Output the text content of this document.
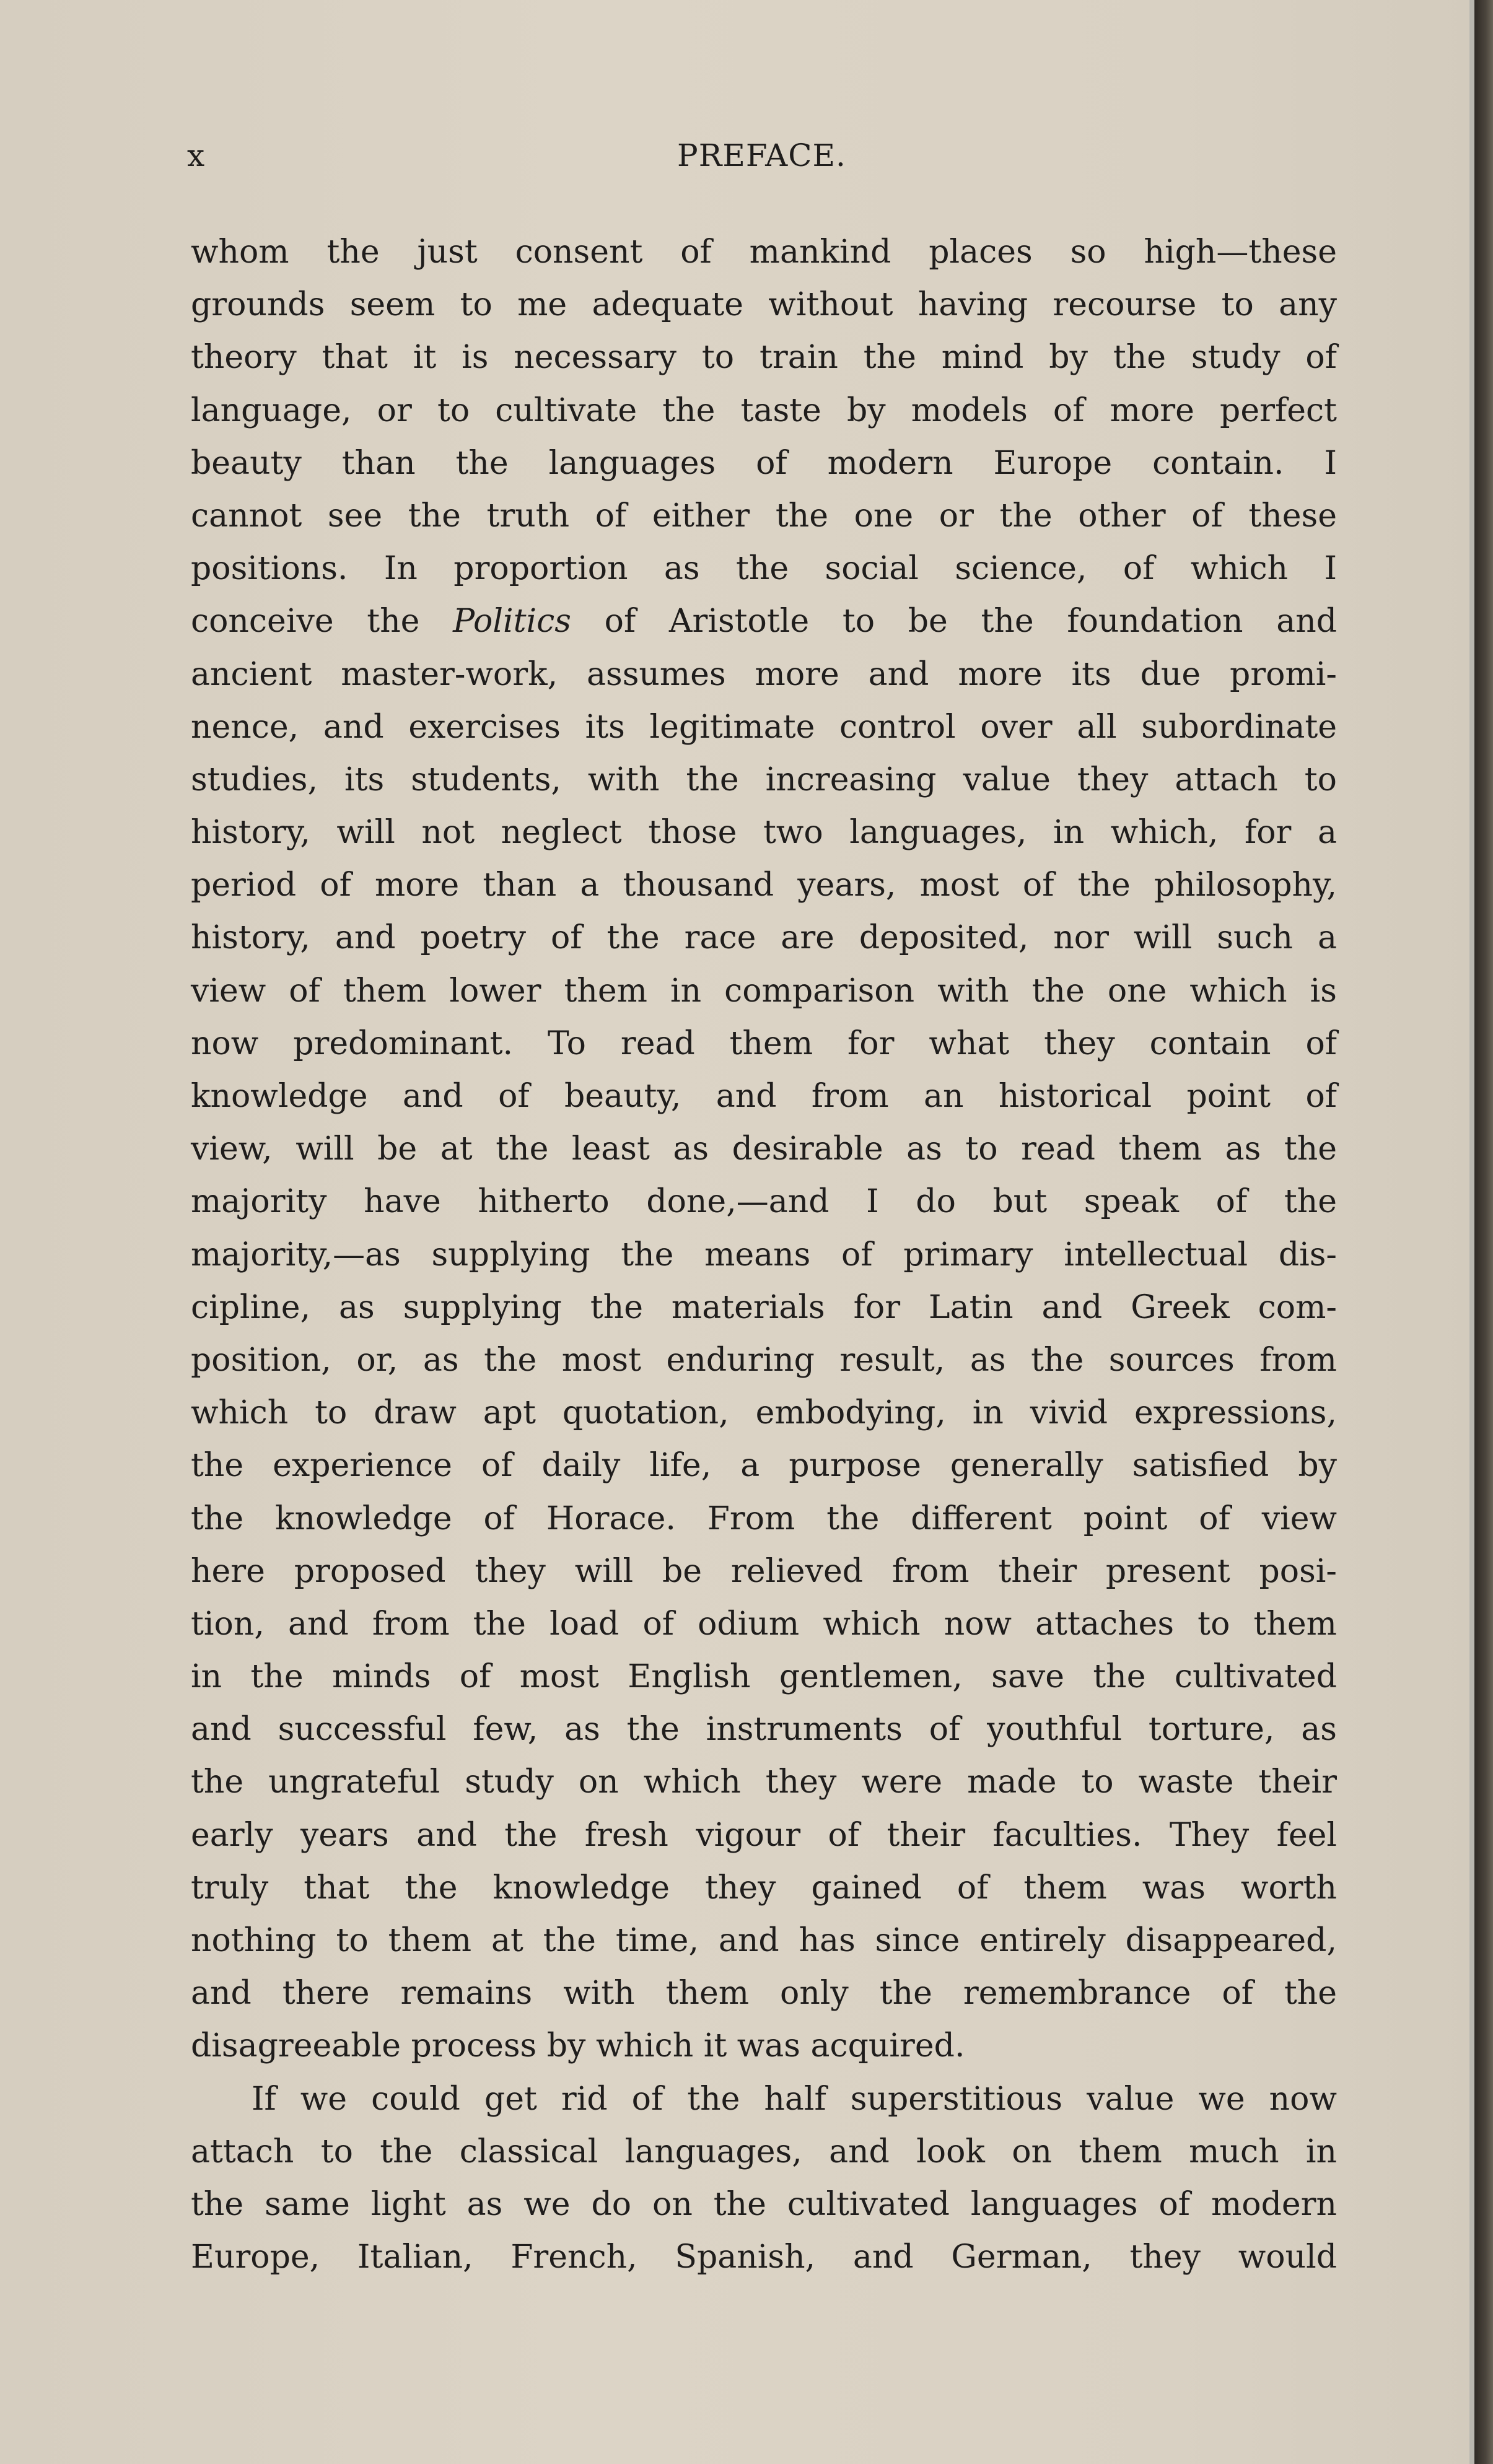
x	PREFACE.
whom the just consent of mankind places so high—these
grounds seem to me adequate without having recourse to any
theory that it is necessary to train the mind by the study of
language, or to cultivate the taste by models of more perfect
beauty than the languages of modern Europe contain. I
cannot see the truth of either the one or the other of these
positions. In proportion as the social science, of which I
conceive the Politics of Aristotle to be the foundation and
ancient master-work, assumes more and more its due promi-
nence, and exercises its legitimate control over all subordinate
studies, its students, with the increasing value they attach to
history, will not neglect those two languages, in which, for a
period of more than a thousand years, most of the philosophy,
history, and poetry of the race are deposited, nor will such a
view of them lower them in comparison with the one which is
now predominant. To read them for what they contain of
knowledge and of beauty, and from an historical point of
view, will be at the least as desirable as to read them as the
majority have hitherto done,—and I do but speak of the
majority,—as supplying the means of primary intellectual dis-
cipline, as supplying the materials for Latin and Greek com-
position, or, as the most enduring result, as the sources from
which to draw apt quotation, embodying, in vivid expressions,
the experience of daily life, a purpose generally satisfied by
the knowledge of Horace. From the different point of view
here proposed they will be relieved from their present posi-
tion, and from the load of odium which now attaches to them
in the minds of most English gentlemen, save the cultivated
and successful few, as the instruments of youthful torture, as
the ungrateful study on which they were made to waste their
early years and the fresh vigour of their faculties. They feel
truly that the knowledge they gained of them was worth
nothing to them at the time, and has since entirely disappeared,
and there remains with them only the remembrance of the
disagreeable process by which it was acquired.
If we could get rid of the half superstitious value we now
attach to the classical languages, and look on them much in
the same light as we do on the cultivated languages of modern
Europe, Italian, French, Spanish, and German, they would
